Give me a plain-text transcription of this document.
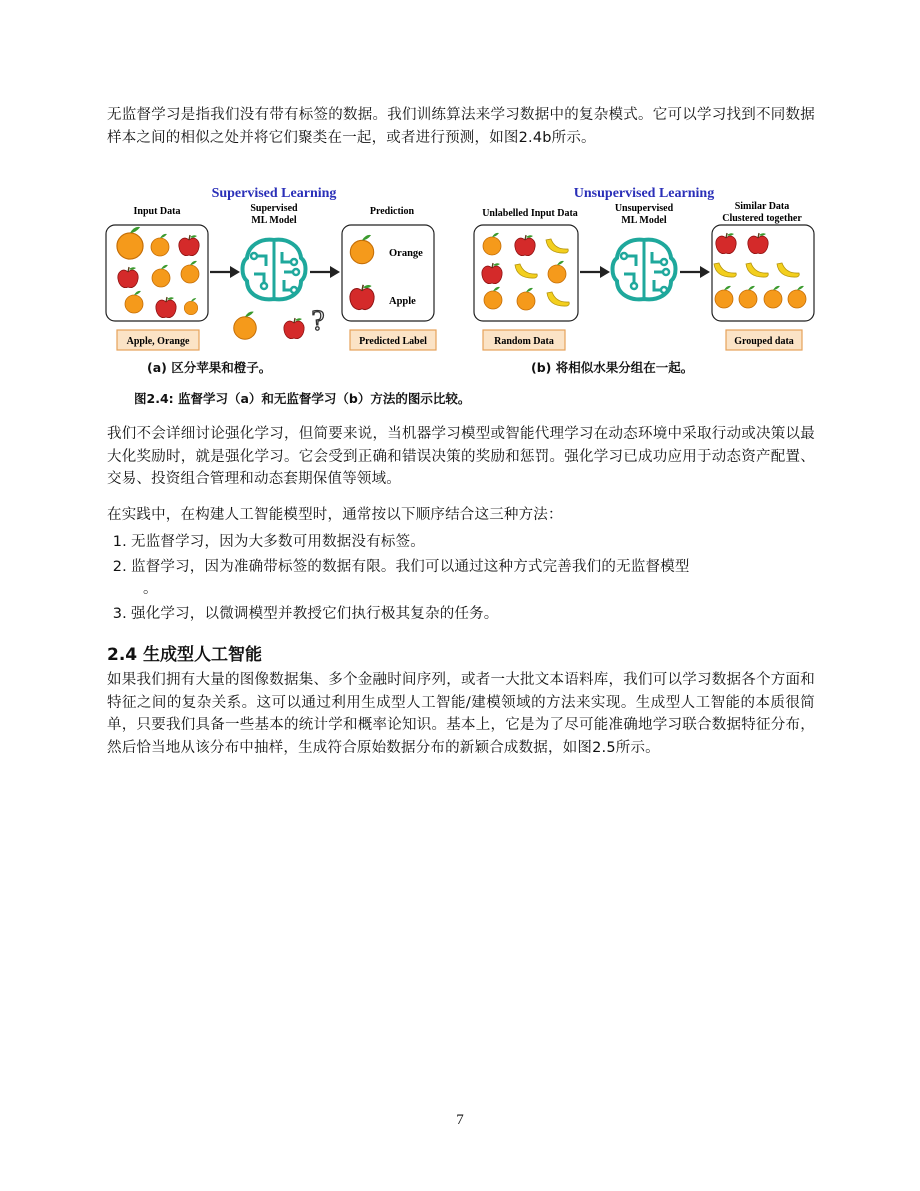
无监督学习是指我们没有带有标签的数据。我们训练算法来学习数据中的复杂模式。它可以学习找到不同数据样本之间的相似之处并将它们聚类在一起，或者进行预测，如图2.4b所示。

Supervised Learning
Input Data	Supervised
ML Model
Prediction
Apple, Orange
?
Orange
Apple
Predicted Label
Unsupervised Learning
Unlabelled Input Data	Unsupervised
ML Model
Similar Data
Clustered together
Random Data	Grouped data

(a) 区分苹果和橙子。	(b) 将相似水果分组在一起。

图2.4: 监督学习（a）和无监督学习（b）方法的图示比较。

我们不会详细讨论强化学习，但简要来说，当机器学习模型或智能代理学习在动态环境中采取行动或决策以最大化奖励时，就是强化学习。它会受到正确和错误决策的奖励和惩罚。强化学习已成功应用于动态资产配置、交易、投资组合管理和动态套期保值等领域。

在实践中，在构建人工智能模型时，通常按以下顺序结合这三种方法：

1. 无监督学习，因为大多数可用数据没有标签。
2. 监督学习，因为准确带标签的数据有限。我们可以通过这种方式完善我们的无监督模型
。
3. 强化学习，以微调模型并教授它们执行极其复杂的任务。
2.4 生成型人工智能

如果我们拥有大量的图像数据集、多个金融时间序列，或者一大批文本语料库，我们可以学习数据各个方面和特征之间的复杂关系。这可以通过利用生成型人工智能/建模领域的方法来实现。生成型人工智能的本质很简单，只要我们具备一些基本的统计学和概率论知识。基本上，它是为了尽可能准确地学习联合数据特征分布，然后恰当地从该分布中抽样，生成符合原始数据分布的新颖合成数据，如图2.5所示。

7
